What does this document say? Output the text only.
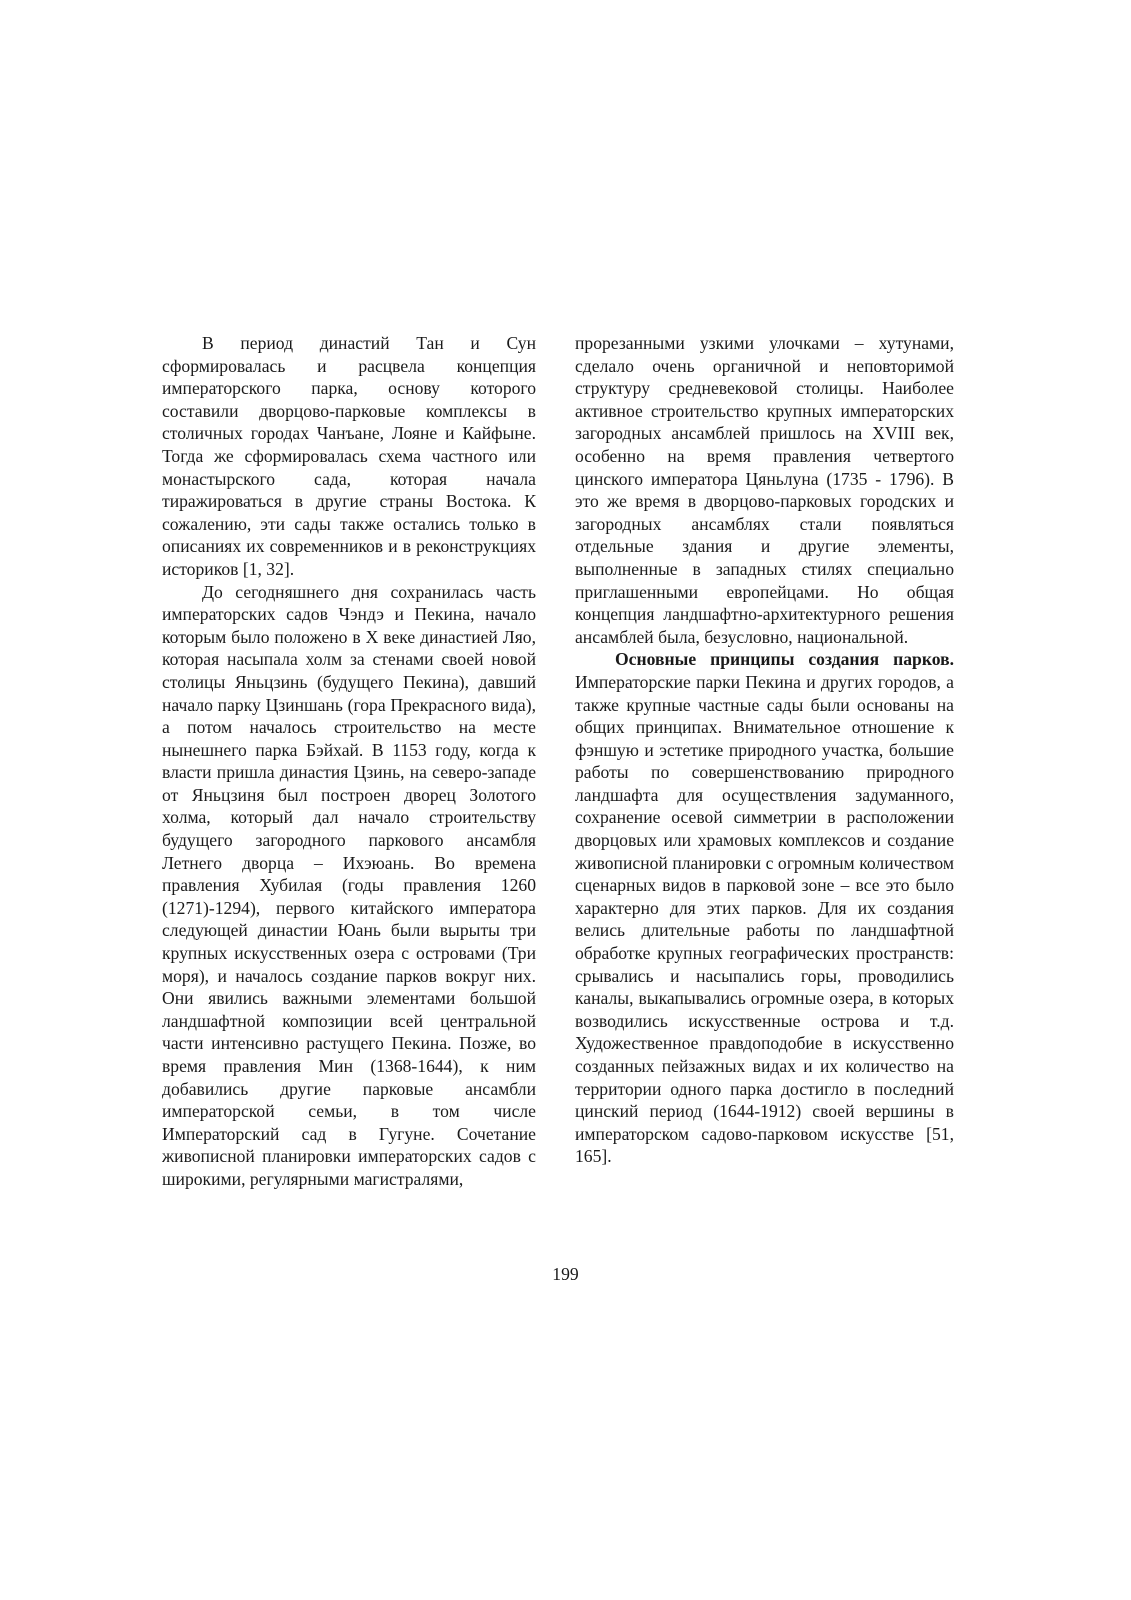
В период династий Тан и Сун сформировалась и расцвела концепция императорского парка, основу которого составили дворцово-парковые комплексы в столичных городах Чанъане, Лояне и Кайфыне. Тогда же сформировалась схема частного или монастырского сада, которая начала тиражироваться в другие страны Востока. К сожалению, эти сады также остались только в описаниях их современников и в реконструкциях историков [1, 32].

До сегодняшнего дня сохранилась часть императорских садов Чэндэ и Пекина, начало которым было положено в X веке династией Ляо, которая насыпала холм за стенами своей новой столицы Яньцзинь (будущего Пекина), давший начало парку Цзиншань (гора Прекрасного вида), а потом началось строительство на месте нынешнего парка Бэйхай. В 1153 году, когда к власти пришла династия Цзинь, на северо-западе от Яньцзиня был построен дворец Золотого холма, который дал начало строительству будущего загородного паркового ансамбля Летнего дворца – Ихэюань. Во времена правления Хубилая (годы правления 1260 (1271)-1294), первого китайского императора следующей династии Юань были вырыты три крупных искусственных озера с островами (Три моря), и началось создание парков вокруг них. Они явились важными элементами большой ландшафтной композиции всей центральной части интенсивно растущего Пекина. Позже, во время правления Мин (1368-1644), к ним добавились другие парковые ансамбли императорской семьи, в том числе Императорский сад в Гугуне. Сочетание живописной планировки императорских садов с широкими, регулярными магистралями,

прорезанными узкими улочками – хутунами, сделало очень органичной и неповторимой структуру средневековой столицы. Наиболее активное строительство крупных императорских загородных ансамблей пришлось на XVIII век, особенно на время правления четвертого цинского императора Цяньлуна (1735 - 1796). В это же время в дворцово-парковых городских и загородных ансамблях стали появляться отдельные здания и другие элементы, выполненные в западных стилях специально приглашенными европейцами. Но общая концепция ландшафтно-архитектурного решения ансамблей была, безусловно, национальной.

Основные принципы создания парков. Императорские парки Пекина и других городов, а также крупные частные сады были основаны на общих принципах. Внимательное отношение к фэншую и эстетике природного участка, большие работы по совершенствованию природного ландшафта для осуществления задуманного, сохранение осевой симметрии в расположении дворцовых или храмовых комплексов и создание живописной планировки с огромным количеством сценарных видов в парковой зоне – все это было характерно для этих парков. Для их создания велись длительные работы по ландшафтной обработке крупных географических пространств: срывались и насыпались горы, проводились каналы, выкапывались огромные озера, в которых возводились искусственные острова и т.д. Художественное правдоподобие в искусственно созданных пейзажных видах и их количество на территории одного парка достигло в последний цинский период (1644-1912) своей вершины в императорском садово-парковом искусстве [51, 165].

199
